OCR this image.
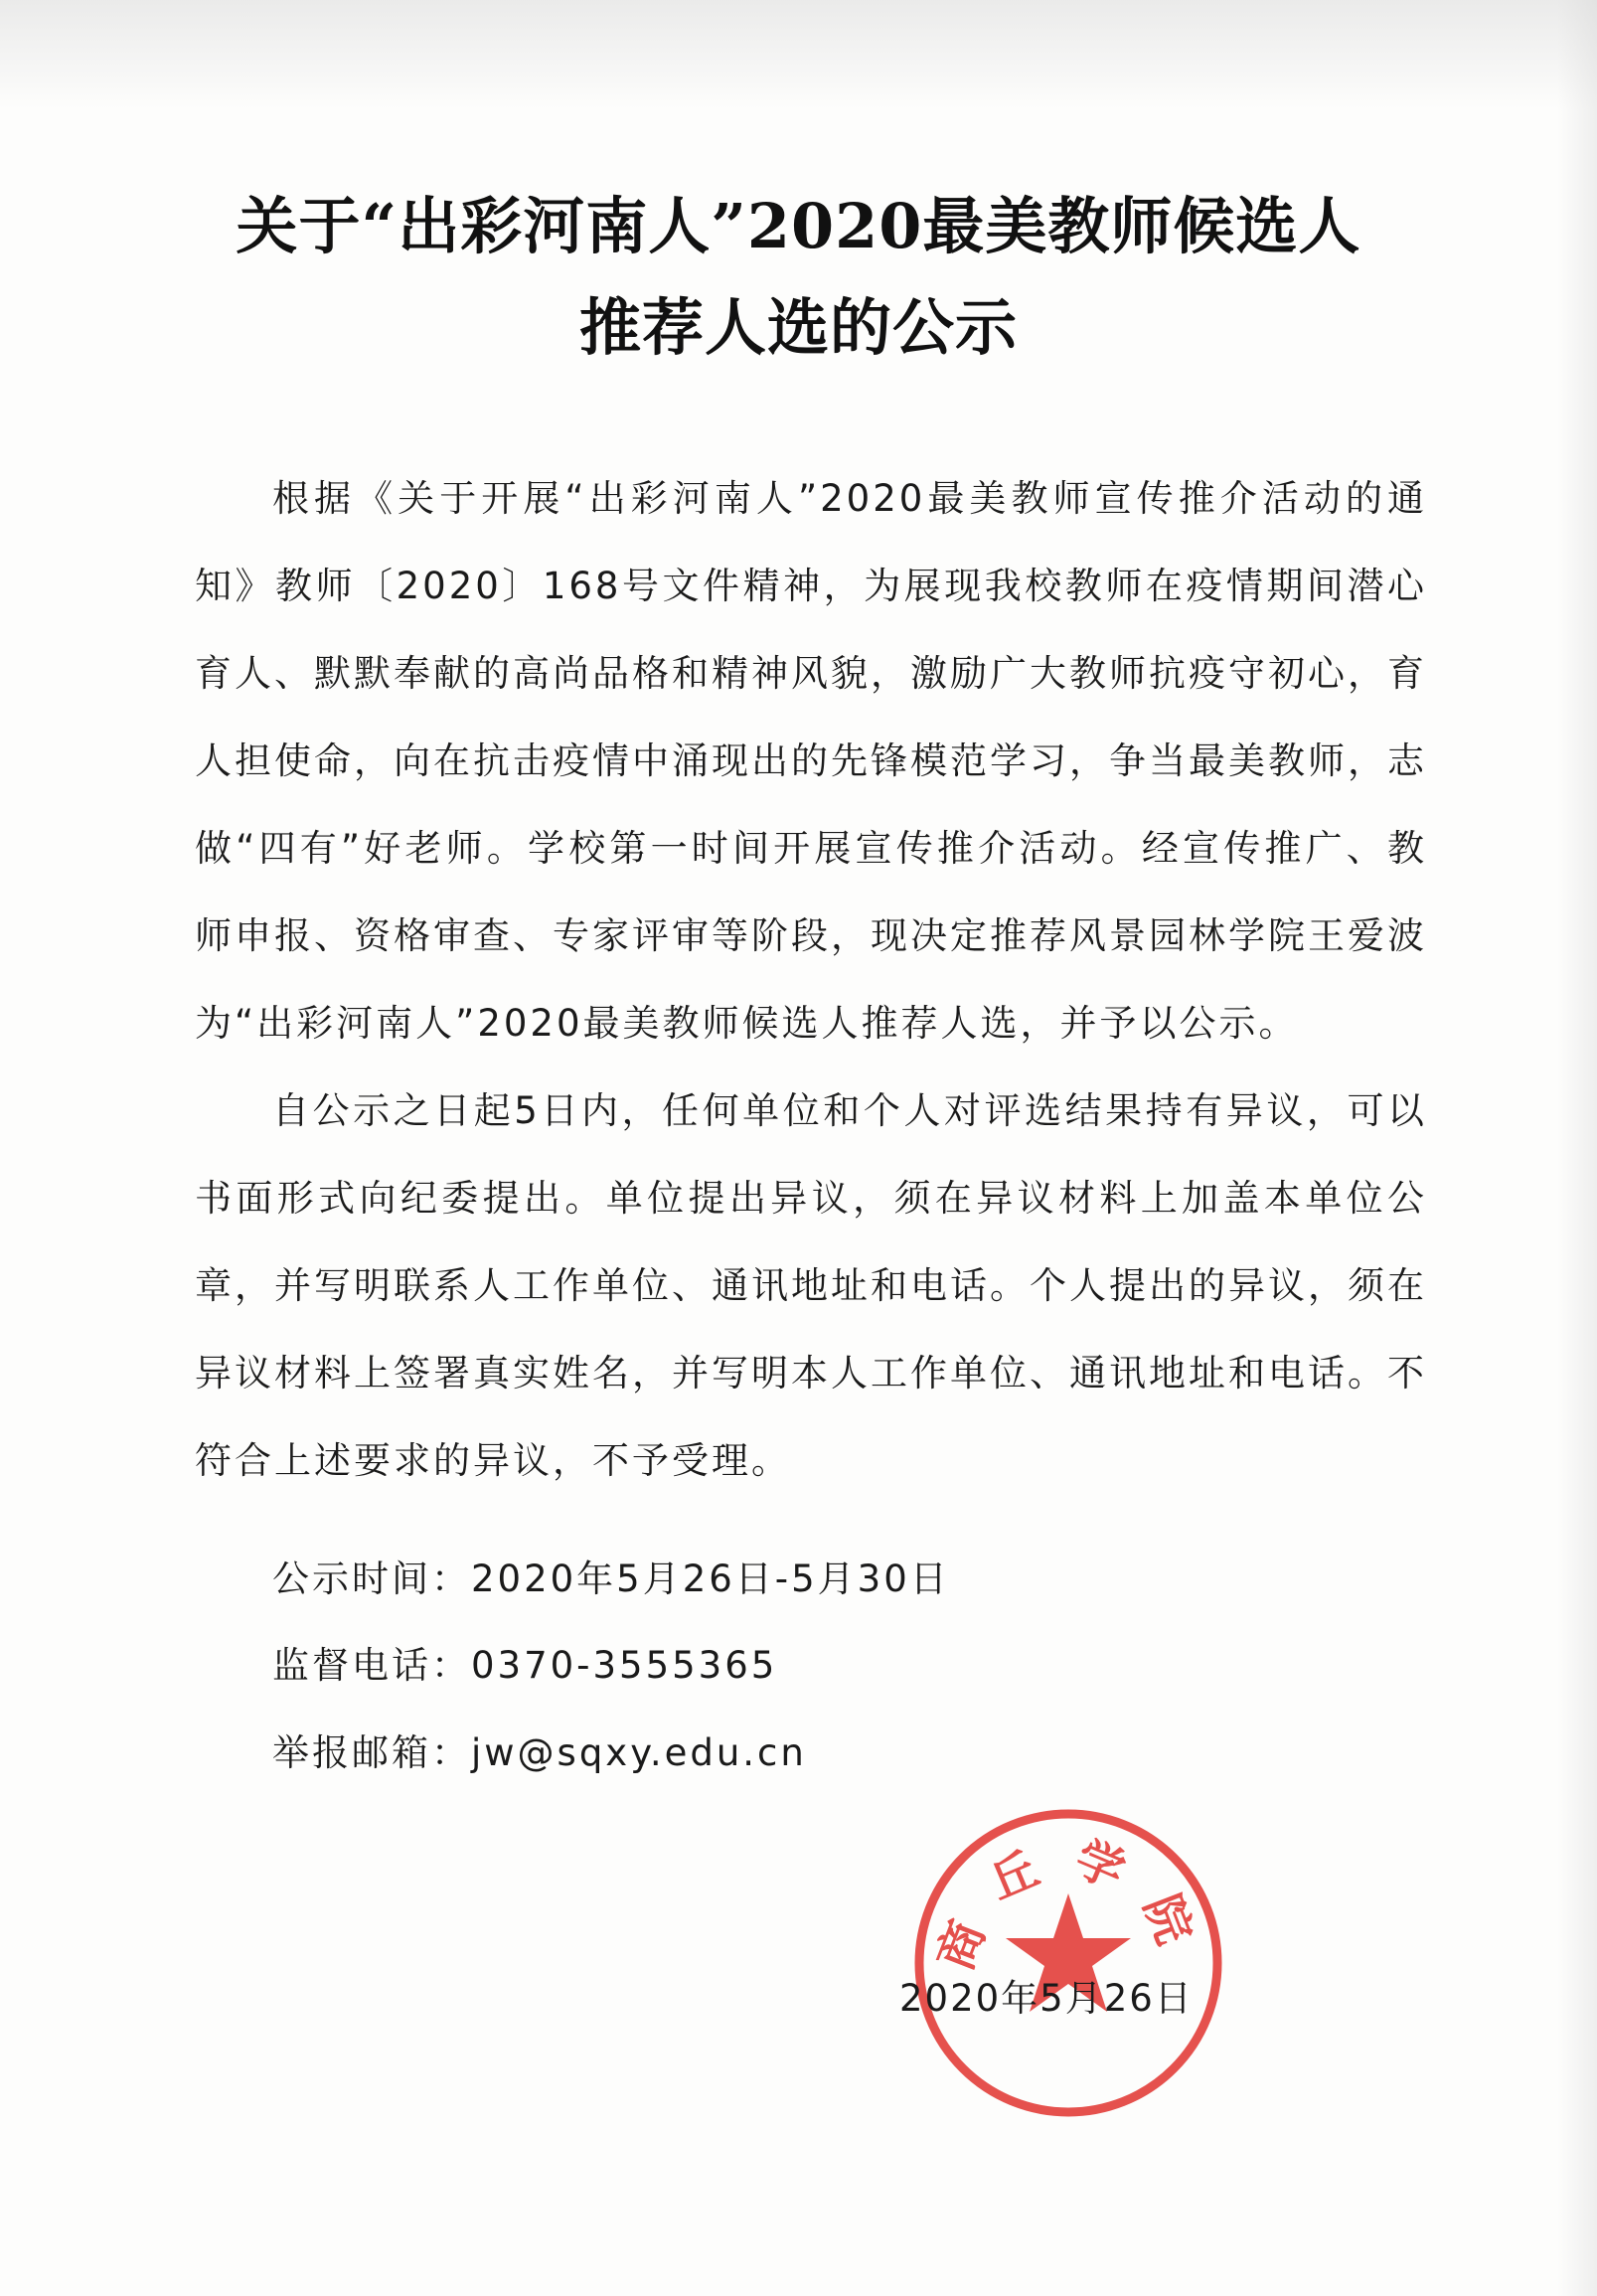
关于“出彩河南人”2020最美教师候选人
推荐人选的公示
根据《关于开展“出彩河南人”2020最美教师宣传推介活动的通知》教师〔2020〕168号文件精神，为展现我校教师在疫情期间潜心育人、默默奉献的高尚品格和精神风貌，激励广大教师抗疫守初心，育人担使命，向在抗击疫情中涌现出的先锋模范学习，争当最美教师，志做“四有”好老师。学校第一时间开展宣传推介活动。经宣传推广、教师申报、资格审查、专家评审等阶段，现决定推荐风景园林学院王爱波为“出彩河南人”2020最美教师候选人推荐人选，并予以公示。
自公示之日起5日内，任何单位和个人对评选结果持有异议，可以书面形式向纪委提出。单位提出异议，须在异议材料上加盖本单位公章，并写明联系人工作单位、通讯地址和电话。个人提出的异议，须在异议材料上签署真实姓名，并写明本人工作单位、通讯地址和电话。不符合上述要求的异议，不予受理。
公示时间：2020年5月26日-5月30日
监督电话：0370-3555365
举报邮箱：jw@sqxy.edu.cn
商丘学院
2020年5月26日
